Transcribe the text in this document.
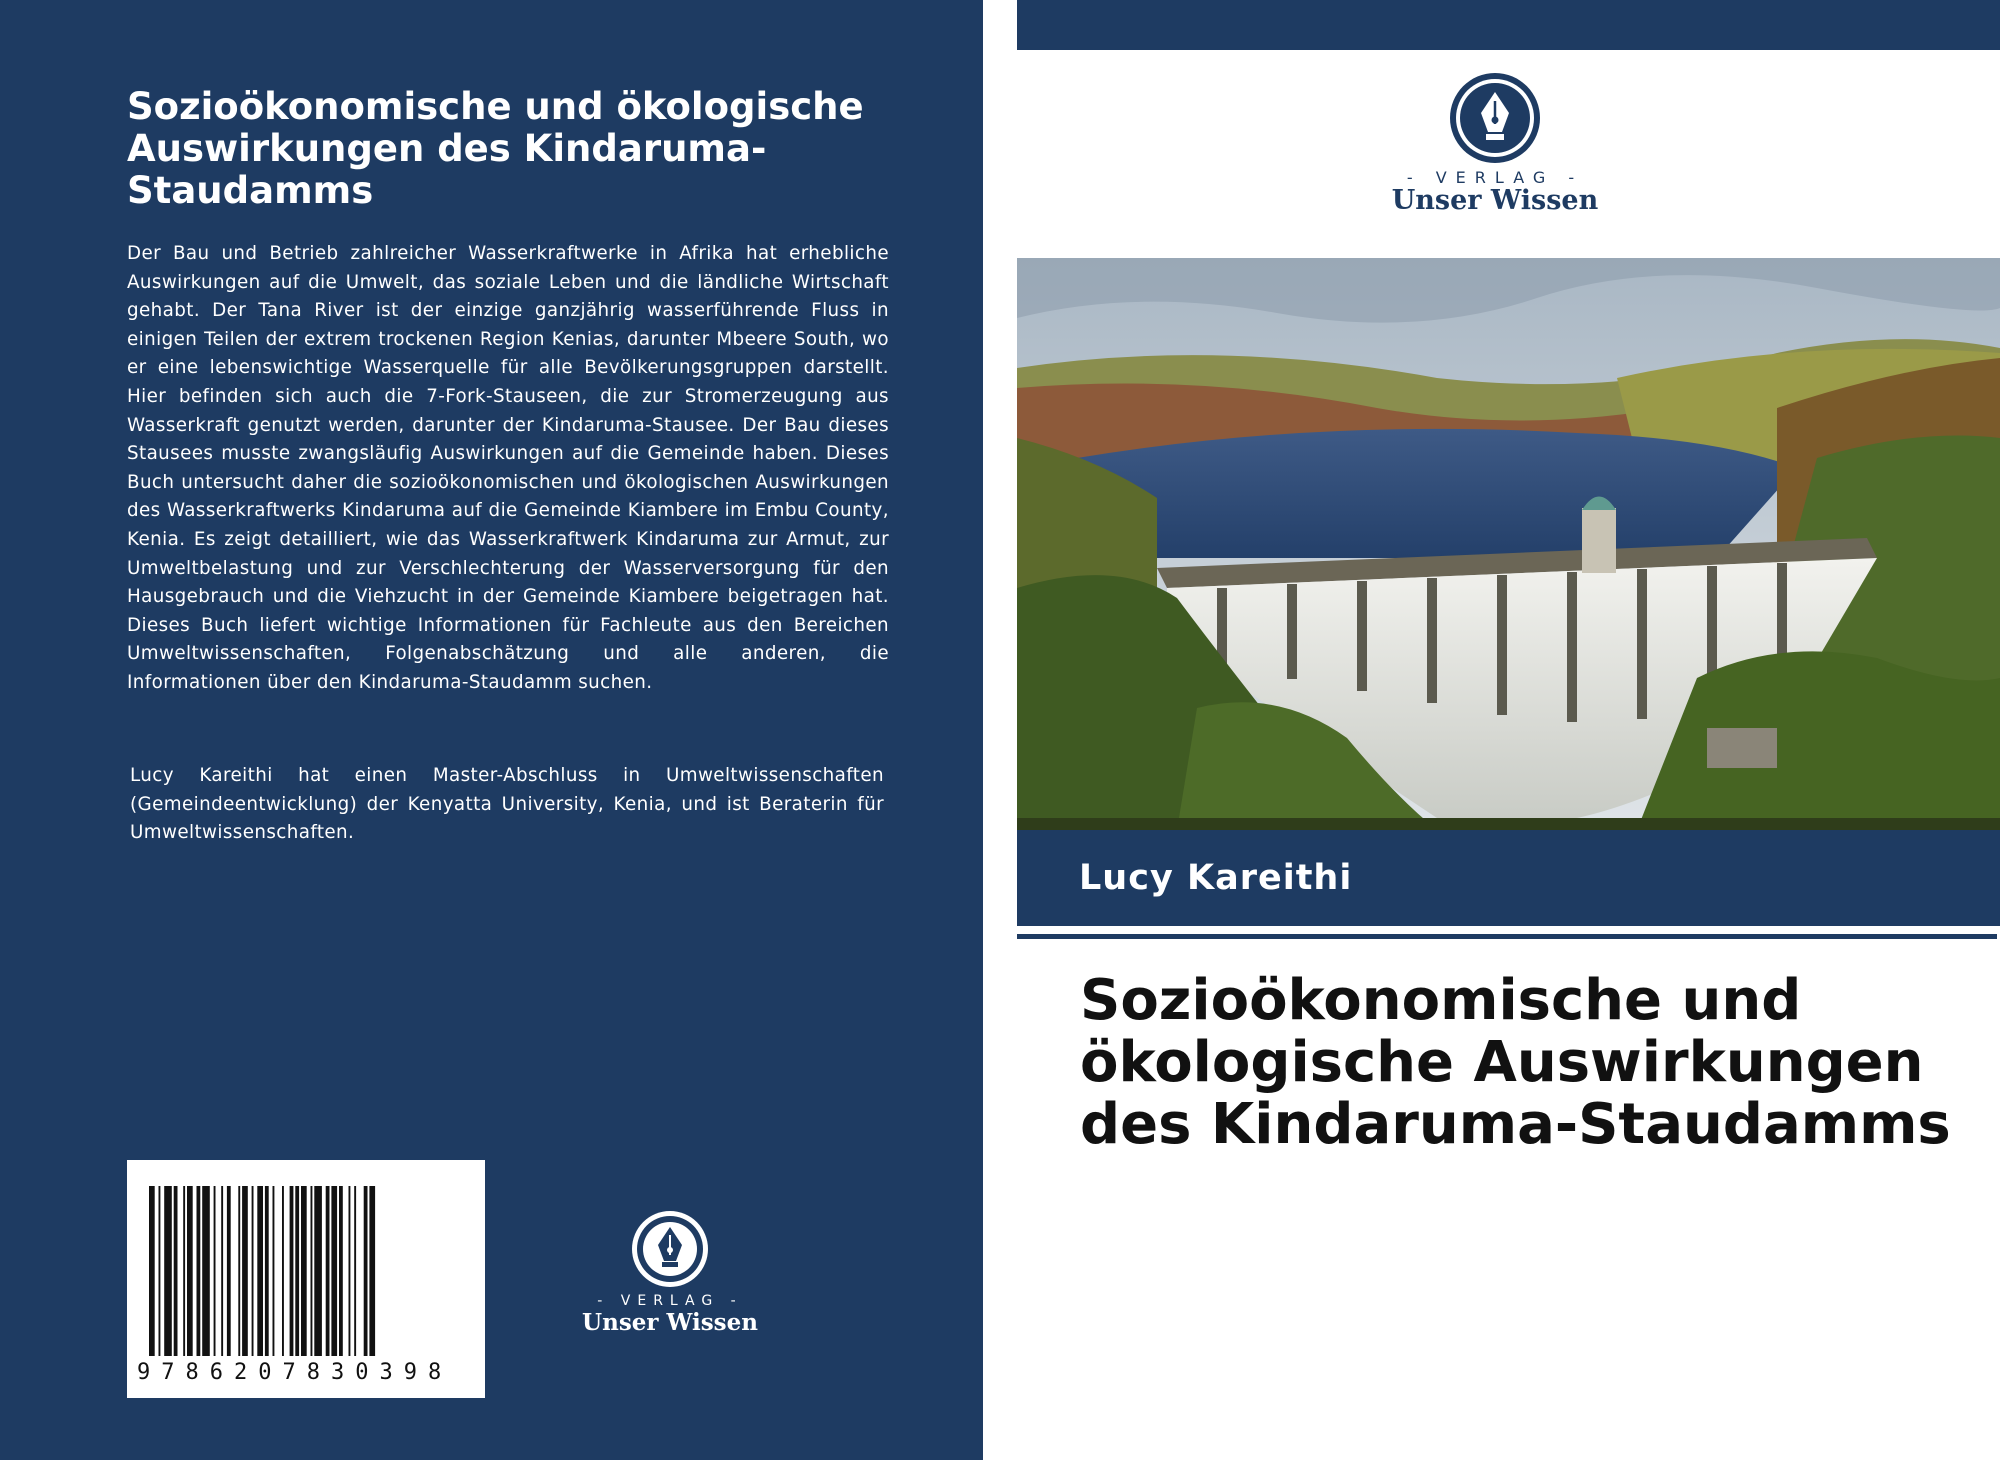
Sozioökonomische und ökologische Auswirkungen des Kindaruma-Staudamms

Der Bau und Betrieb zahlreicher Wasserkraftwerke in Afrika hat erhebliche Auswirkungen auf die Umwelt, das soziale Leben und die ländliche Wirtschaft gehabt. Der Tana River ist der einzige ganzjährig wasserführende Fluss in einigen Teilen der extrem trockenen Region Kenias, darunter Mbeere South, wo er eine lebenswichtige Wasserquelle für alle Bevölkerungsgruppen darstellt. Hier befinden sich auch die 7-Fork-Stauseen, die zur Stromerzeugung aus Wasserkraft genutzt werden, darunter der Kindaruma-Stausee. Der Bau dieses Stausees musste zwangsläufig Auswirkungen auf die Gemeinde haben. Dieses Buch untersucht daher die sozioökonomischen und ökologischen Auswirkungen des Wasserkraftwerks Kindaruma auf die Gemeinde Kiambere im Embu County, Kenia. Es zeigt detailliert, wie das Wasserkraftwerk Kindaruma zur Armut, zur Umweltbelastung und zur Verschlechterung der Wasserversorgung für den Hausgebrauch und die Viehzucht in der Gemeinde Kiambere beigetragen hat. Dieses Buch liefert wichtige Informationen für Fachleute aus den Bereichen Umweltwissenschaften, Folgenabschätzung und alle anderen, die Informationen über den Kindaruma-Staudamm suchen.

Lucy Kareithi hat einen Master-Abschluss in Umweltwissenschaften (Gemeindeentwicklung) der Kenyatta University, Kenia, und ist Beraterin für Umweltwissenschaften.

9786207830398
- VERLAG -
Unser Wissen
- VERLAG -
Unser Wissen
Lucy Kareithi
Sozioökonomische und ökologische Auswirkungen des Kindaruma-Staudamms
